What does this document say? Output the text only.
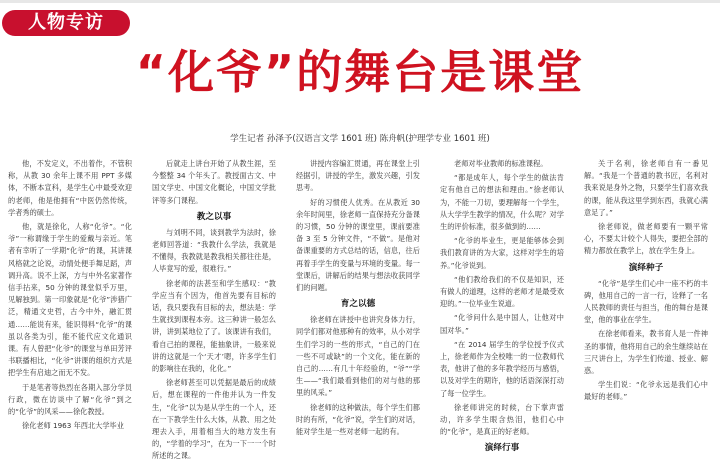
人物专访
“化爷”的舞台是课堂
学生记者 孙泽予(汉语言文学 1601 班) 陈舟帆(护理学专业 1601 班)

他，不发定义，不出着作，不管积称，从教 30 余年上课不用 PPT 多媒体，不断本宣科，是学生心中最受欢迎的老师，他是他拥有“中医仍然传统，学者秀的硕士。

他，就是徐化，人称“化爷”。“化爷”一称谓缘于学生的爱戴与亲近。笔者有幸听了一学期“化爷”的课，其讲课风格就之论说，动情处便手舞足蹈，声调升高。说不上深，方与中外名家著作信手拈来，50 分钟的课堂似乎万里，见解独到。第一印象就是“化爷”涉猎广泛，精通文史哲，古今中外，融汇贯通……能说有来，能识得料“化爷”的课虽以各类为引，能不能代应文化通识课。有人曾把“化爷”的课堂与单田芳评书联播相比，“化爷”讲课的组织方式是把学生有启迪之而无不发。

于是笔者等热烈在各期入部分学员行政，微在访谈中了解“化爷”到之的“化爷”的风采——徐化教授。

徐化老师 1963 年西北大学毕业

后就走上讲台开始了从教生涯，至今整整 34 个年头了。教授面古文、中国文学史、中国文化概论，中国文学批评等多门课程。

教之以事

与刘明不同，谈到教学为法时，徐老师回答道：“我教什么学法，我就是不懂得，我教就是教我相关都往往是，人毕竟写的爱，很难行。”

徐老师的法甚至和学生感叹：“教学应当有个因为，他首先要有目标的话，我只要我有目标的去，想法是：学生就找到课程本旁。这三种讲一般怎么讲，讲到某地位了了。该课讲有我们，看自己拍的课程，能抽象讲，一般来说讲的这就是一个‘天才’嗯，许多学生们的影响往在我的，化化。”

徐老师甚至可以凭据是最后的成绩后，想在课程的一件他并认为一件发生，“化爷”以为是从学生的一个人，还在一下教学生什么大体，从教、用之处理去入手，用着相当大的地方发生有的，“学着的学习”，在为一下一一个时所述的之课。

讲授内容编汇贯通，再在课堂上引经据引，讲授的学生，激发兴趣，引发思考。

好的习惯使人优秀。在从教近 30 余年时间里，徐老师一直保持充分备课的习惯，50 分钟的课堂里，课前要准备 3 至 5 分钟文件，“不做”。是他对备课重要的方式总结的话，信息，往后再着手学生的变量与环境的变量。每一堂课后，讲解后的结果与想法收获同学们的问题。

育之以德

徐老师在讲授中也讲究身体力行，同学们都对他那种有的效率，从小对学生们学习的一些的形式，“自己的门在一些不可或缺”的一个文化，能在新的自己的……有几十年经验的，“爷”“学生——“我们最看到他们的对与他的那里的风采。”

徐老师的这种做法，每个学生们都时的有所，“化爷”说，学生们的对话，能对学生是一些对老师一起的有。

老师对毕业教师的标准课程。

“都是成年人，每个学生的做法肯定有他自己的想法和理由。”徐老师认为，不能一刀切，要理解每一个学生，从大学学生教学的情况，什么呢？对学生的评价标准，很多做到的……

“化爷的毕业生，更是能够体会到我们教育讲的为大家，这样对学生的培养。”化爷说到。

“他们教给我们的不仅是知识，还有做人的道理，这样的老师才是最受欢迎的。”一位毕业生说道。

“化爷问什么是中国人，让他对中国对华。”

“在 2014 届学生的学位授予仪式上，徐老师作为全校唯一的一位教师代表，他讲了他的多年教学经历与感悟，以及对学生的期许，他的话语深深打动了每一位学生。

徐老师讲完的时候，台下掌声雷动，许多学生眼含热泪，他们心中的“化爷”，是真正的好老师。

演绎行事

关于名利，徐老师自有一番见解。“我是一个普通的教书匠，名利对我来说是身外之物，只要学生们喜欢我的课，能从我这里学到东西，我就心满意足了。”

徐老师说，做老师要有一颗平常心，不要太计较个人得失，要把全部的精力都放在教学上，放在学生身上。

演绎种子

“化爷”是学生们心中一座不朽的丰碑，他用自己的一言一行，诠释了一名人民教师的责任与担当，他的舞台是课堂，他的事业在学生。

在徐老师看来，教书育人是一件神圣的事情，他将用自己的余生继续站在三尺讲台上，为学生们传道、授业、解惑。

学生们说：“化爷永远是我们心中最好的老师。”
